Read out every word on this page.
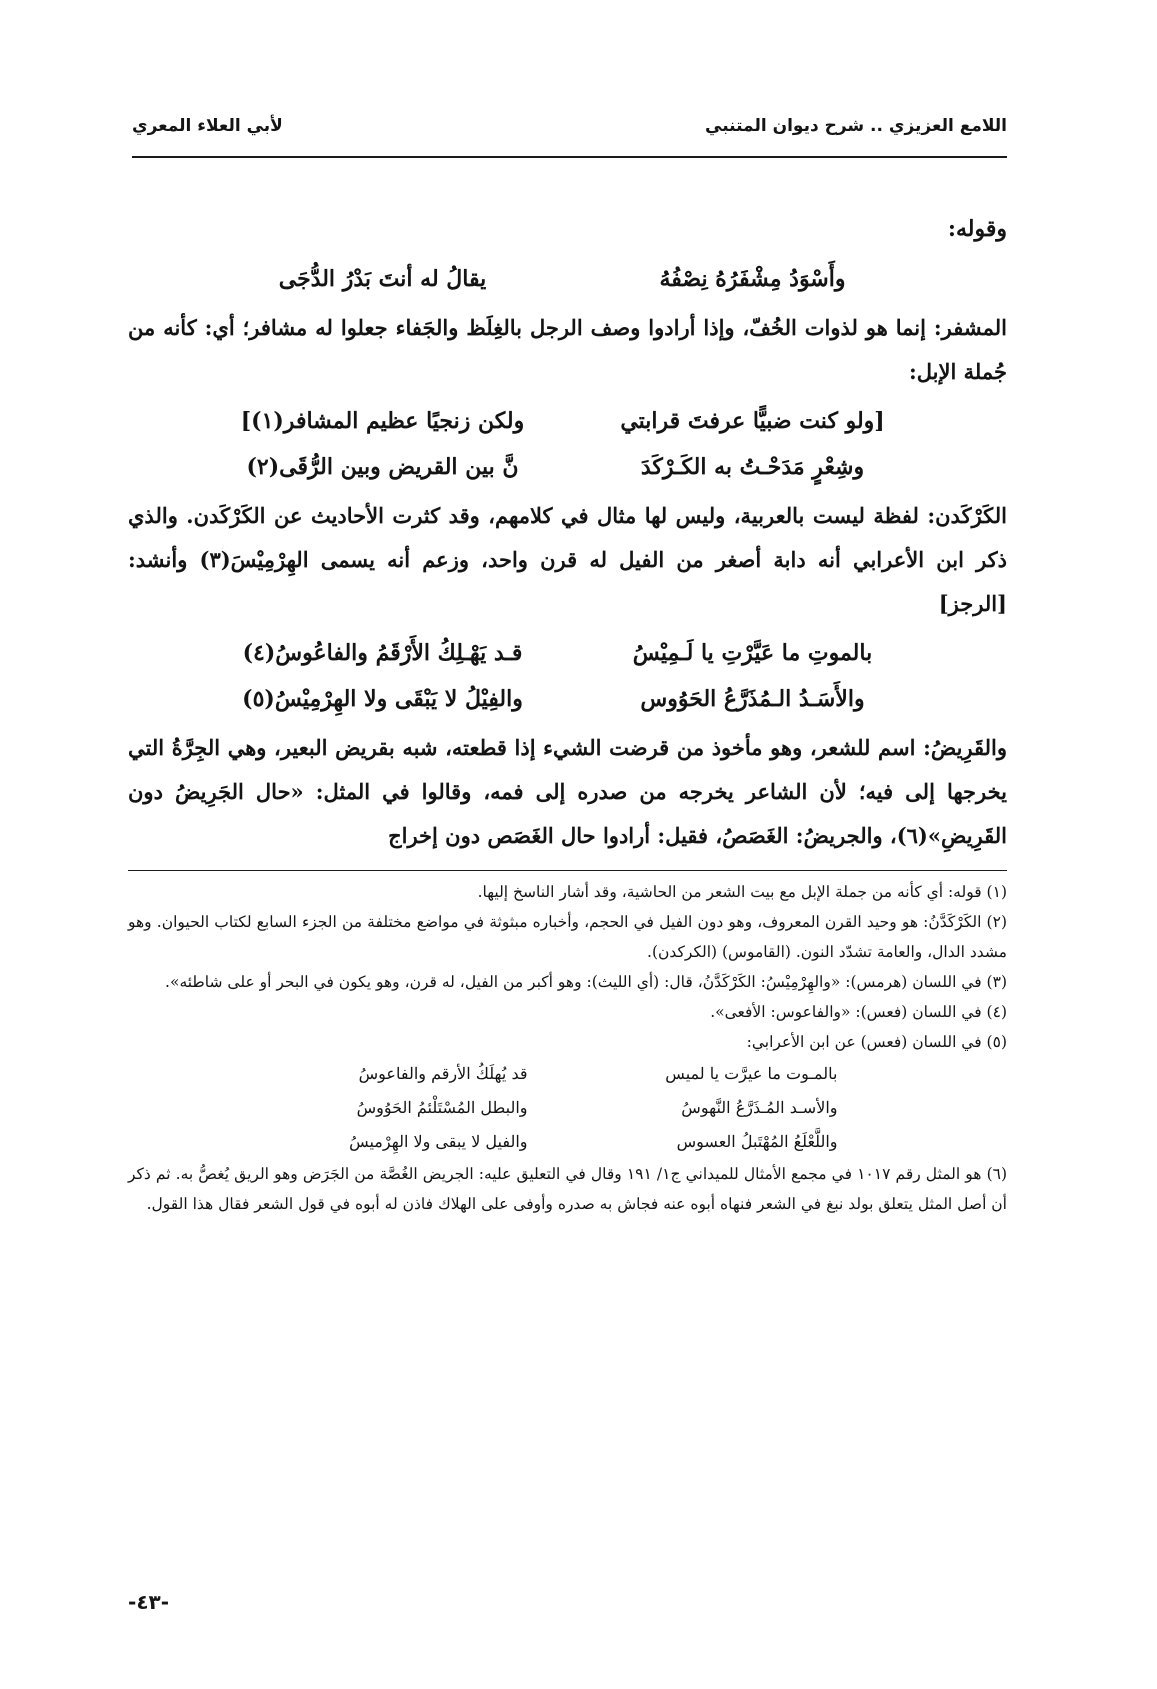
اللامع العزيزي .. شرح ديوان المتنبي
لأبي العلاء المعري

وقوله:

وأَسْوَدُ مِشْفَرُهُ نِصْفُهُ
يقالُ له أنتَ بَدْرُ الدُّجَى

المشفر: إنما هو لذوات الخُفّ، وإذا أرادوا وصف الرجل بالغِلَظ والجَفاء جعلوا له مشافر؛ أي: كأنه من جُملة الإبل:

[ولو كنت ضبيًّا عرفتَ قرابتي
ولكن زنجيًا عظيم المشافر(١)]
وشِعْرٍ مَدَحْـتُ به الكَـرْكَدَ
نَّ بين القريض وبين الرُّقَى(٢)

الكَرْكَدن: لفظة ليست بالعربية، وليس لها مثال في كلامهم، وقد كثرت الأحاديث عن الكَرْكَدن. والذي ذكر ابن الأعرابي أنه دابة أصغر من الفيل له قرن واحد، وزعم أنه يسمى الهِرْمِيْسَ(٣) وأنشد: [الرجز]

بالموتِ ما عَيَّرْتِ يا لَـمِيْسُ
قـد يَهْـلِكُ الأَرْقَمُ والفاعُوسُ(٤)
والأَسَـدُ الـمُذَرَّعُ الحَوُوس
والفِيْلُ لا يَبْقَى ولا الهِرْمِيْسُ(٥)

والقَرِيضُ: اسم للشعر، وهو مأخوذ من قرضت الشيء إذا قطعته، شبه بقريض البعير، وهي الجِرَّةُ التي يخرجها إلى فيه؛ لأن الشاعر يخرجه من صدره إلى فمه، وقالوا في المثل: «حال الجَرِيضُ دون القَرِيضِ»(٦)، والجريضُ: الغَصَصُ، فقيل: أرادوا حال الغَصَص دون إخراج

(١) قوله: أي كأنه من جملة الإبل مع بيت الشعر من الحاشية، وقد أشار الناسخ إليها.

(٢) الكَرْكَدَّنُ: هو وحيد القرن المعروف، وهو دون الفيل في الحجم، وأخباره مبثوثة في مواضع مختلفة من الجزء السابع لكتاب الحيوان. وهو مشدد الدال، والعامة تشدّد النون. (القاموس) (الكركدن).

(٣) في اللسان (هرمس): «والهِرْمِيْسُ: الكَرْكَدَّنُ، قال: (أي الليث): وهو أكبر من الفيل، له قرن، وهو يكون في البحر أو على شاطئه».

(٤) في اللسان (فعس): «والفاعوس: الأفعى».

(٥) في اللسان (فعس) عن ابن الأعرابي:

بالمـوت ما عيرَّت يا لميس
قد يُهلَكُ الأرقم والفاعوسُ
والأسـد المُـذَرَّعُ النَّهوسُ
والبطل المُسْتَلْئمُ الحَوُوسُ
واللَّعْلَعُ المُهْتَبلُ العسوس
والفيل لا يبقى ولا الهِرْميسُ

(٦) هو المثل رقم ١٠١٧ في مجمع الأمثال للميداني ج١/ ١٩١ وقال في التعليق عليه: الجريض الغُصَّة من الجَرَض وهو الريق يُغصُّ به. ثم ذكر أن أصل المثل يتعلق بولد نبغ في الشعر فنهاه أبوه عنه فجاش به صدره وأوفى على الهلاك فاذن له أبوه في قول الشعر فقال هذا القول.

-٤٣-
